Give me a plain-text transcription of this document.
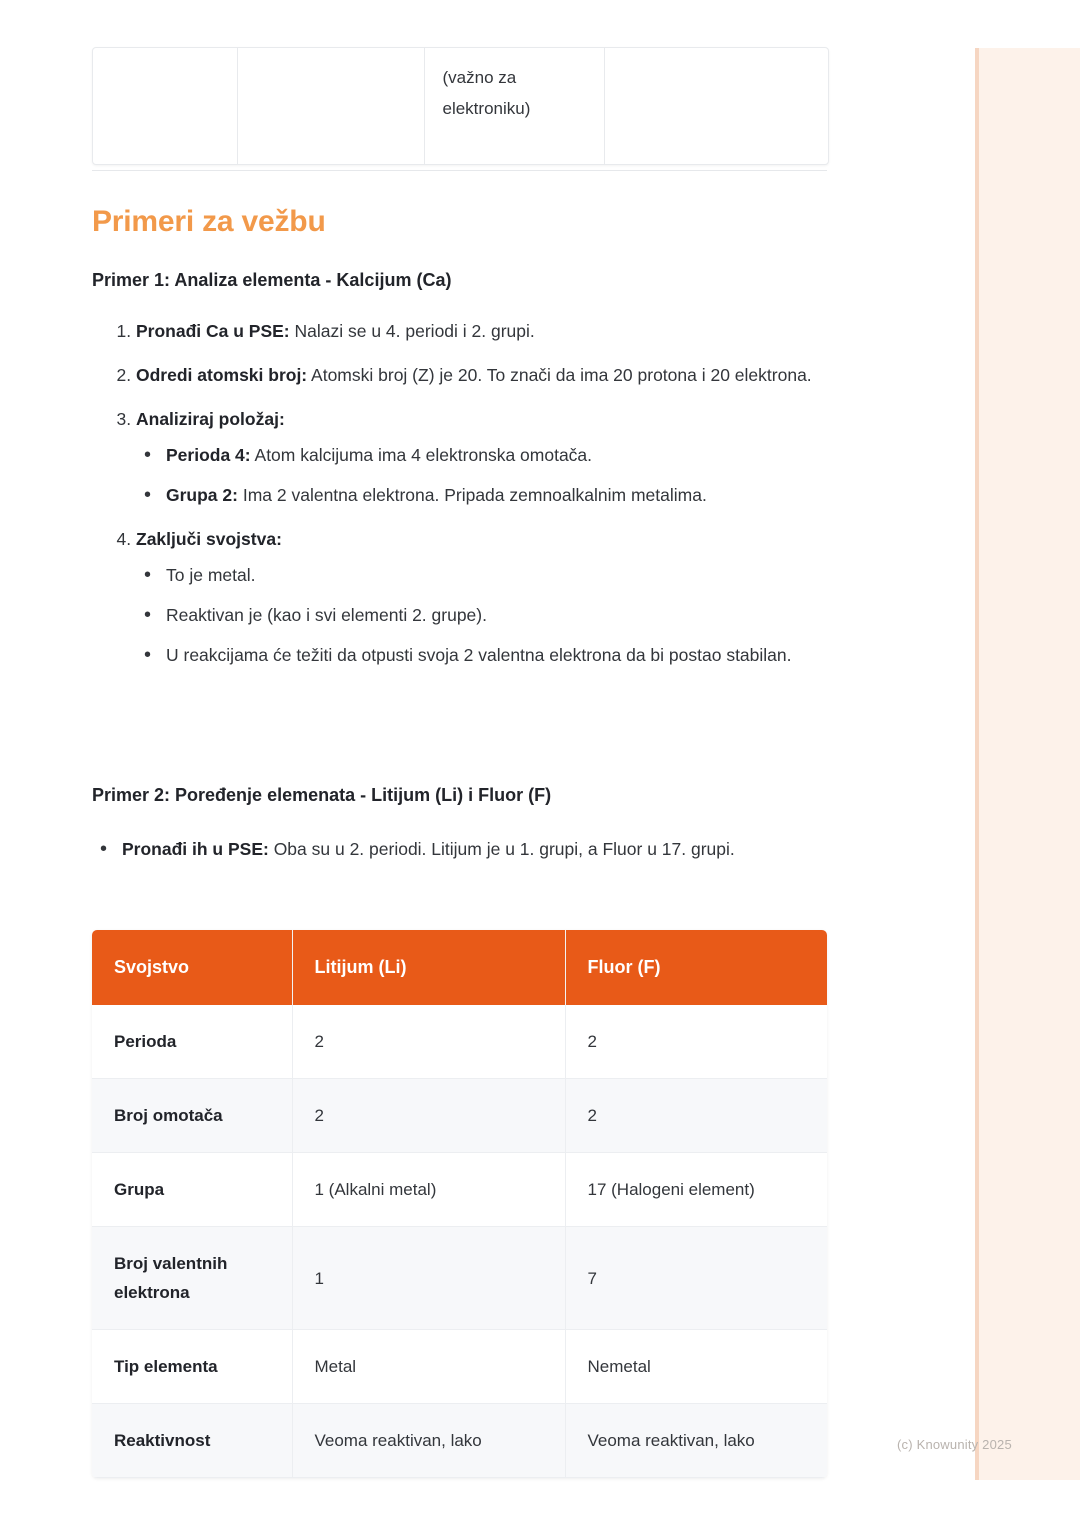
(c) Knowunity 2025
		(važno za elektroniku)	
Primeri za vežbu
Primer 1: Analiza elementa - Kalcijum (Ca)
1. Pronađi Ca u PSE: Nalazi se u 4. periodi i 2. grupi.
2. Odredi atomski broj: Atomski broj (Z) je 20. To znači da ima 20 protona i 20 elektrona.
3. Analiziraj položaj:
• Perioda 4: Atom kalcijuma ima 4 elektronska omotača.
• Grupa 2: Ima 2 valentna elektrona. Pripada zemnoalkalnim metalima.
4. Zaključi svojstva:
• To je metal.
• Reaktivan je (kao i svi elementi 2. grupe).
• U reakcijama će težiti da otpusti svoja 2 valentna elektrona da bi postao stabilan.
Primer 2: Poređenje elemenata - Litijum (Li) i Fluor (F)
• Pronađi ih u PSE: Oba su u 2. periodi. Litijum je u 1. grupi, a Fluor u 17. grupi.
Svojstvo	Litijum (Li)	Fluor (F)
Perioda	2	2
Broj omotača	2	2
Grupa	1 (Alkalni metal)	17 (Halogeni element)
Broj valentnih elektrona	1	7
Tip elementa	Metal	Nemetal
Reaktivnost	Veoma reaktivan, lako	Veoma reaktivan, lako
